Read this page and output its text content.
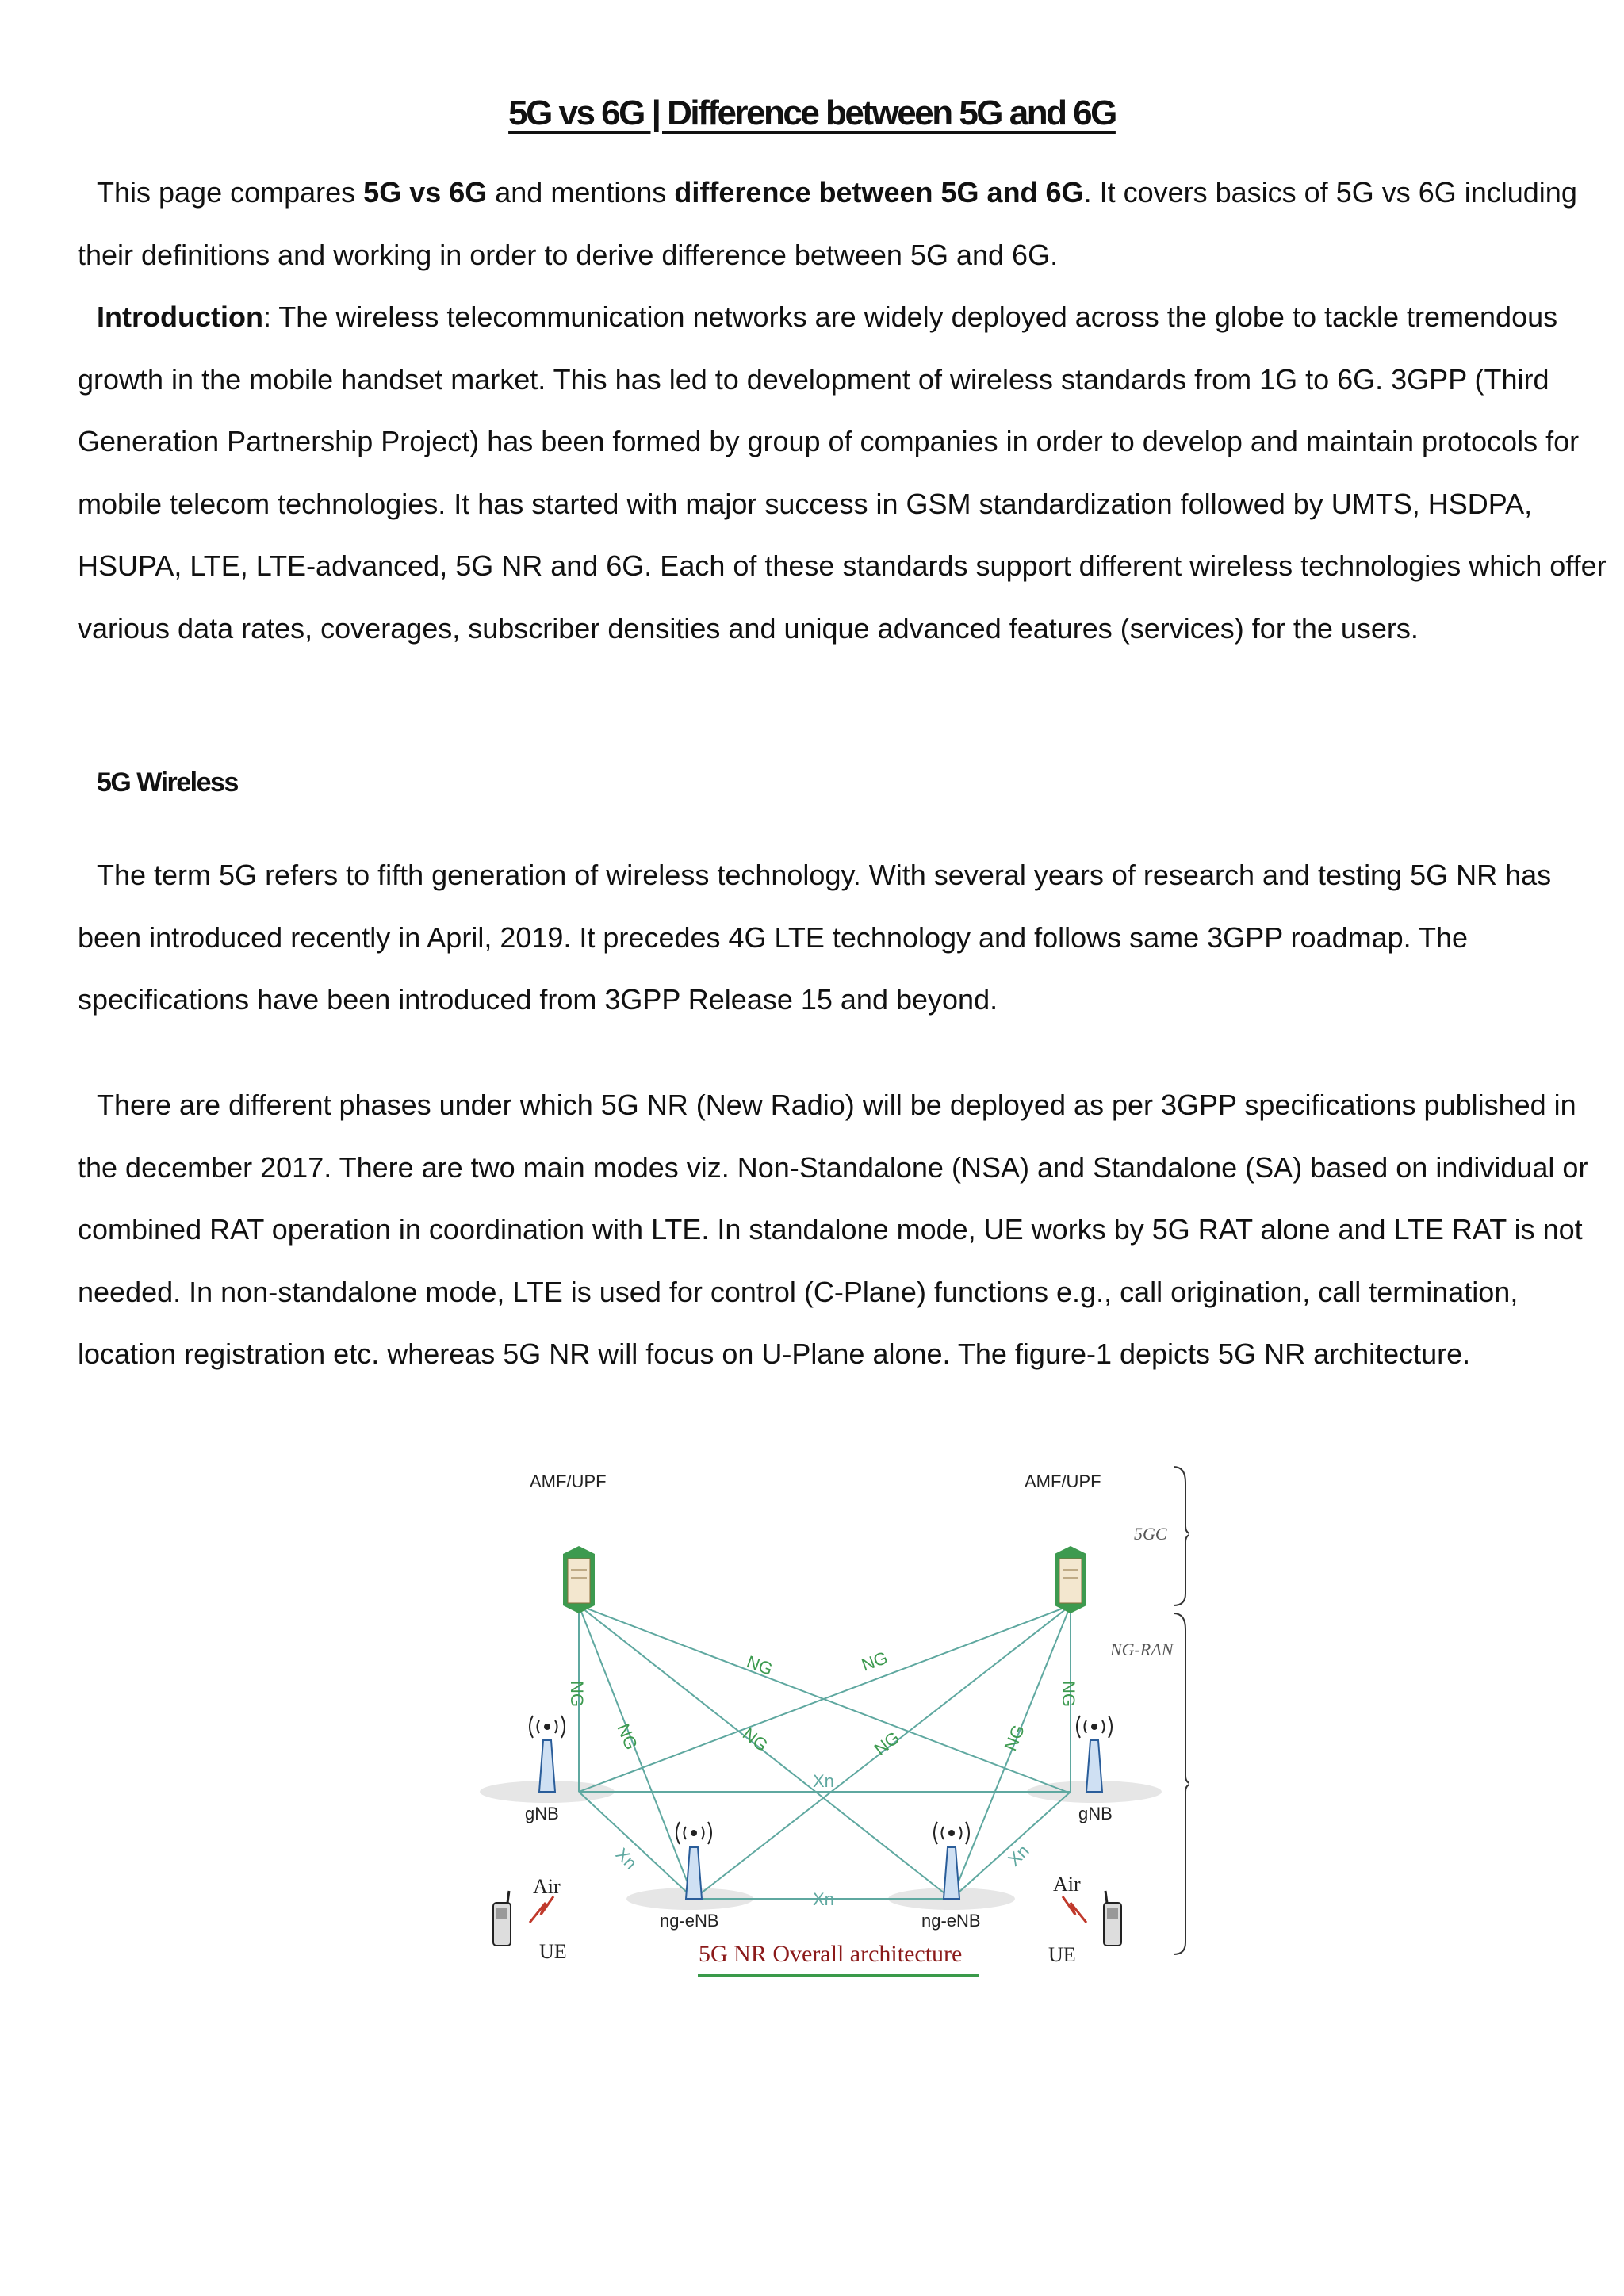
5G vs 6G | Difference between 5G and 6G

This page compares 5G vs 6G and mentions difference between 5G and 6G. It covers basics of 5G vs 6G including their definitions and working in order to derive difference between 5G and 6G.

Introduction: The wireless telecommunication networks are widely deployed across the globe to tackle tremendous growth in the mobile handset market. This has led to development of wireless standards from 1G to 6G. 3GPP (Third Generation Partnership Project) has been formed by group of companies in order to develop and maintain protocols for mobile telecom technologies. It has started with major success in GSM standardization followed by UMTS, HSDPA, HSUPA, LTE, LTE-advanced, 5G NR and 6G. Each of these standards support different wireless technologies which offer various data rates, coverages, subscriber densities and unique advanced features (services) for the users.

5G Wireless

The term 5G refers to fifth generation of wireless technology. With several years of research and testing 5G NR has been introduced recently in April, 2019. It precedes 4G LTE technology and follows same 3GPP roadmap. The specifications have been introduced from 3GPP Release 15 and beyond.

There are different phases under which 5G NR (New Radio) will be deployed as per 3GPP specifications published in the december 2017. There are two main modes viz. Non-Standalone (NSA) and Standalone (SA) based on individual or combined RAT operation in coordination with LTE. In standalone mode, UE works by 5G RAT alone and LTE RAT is not needed. In non-standalone mode, LTE is used for control (C-Plane) functions e.g., call origination, call termination, location registration etc. whereas 5G NR will focus on U-Plane alone. The figure-1 depicts 5G NR architecture.

AMF/UPF	AMF/UPF
5GC
NG-RAN
NG	NG
NG	NG
NG	NG	NG	NG
Xn
Xn
Xn	Xn
gNB	gNB
ng-eNB	ng-eNB
Air	Air
UE	UE
5G NR Overall architecture
